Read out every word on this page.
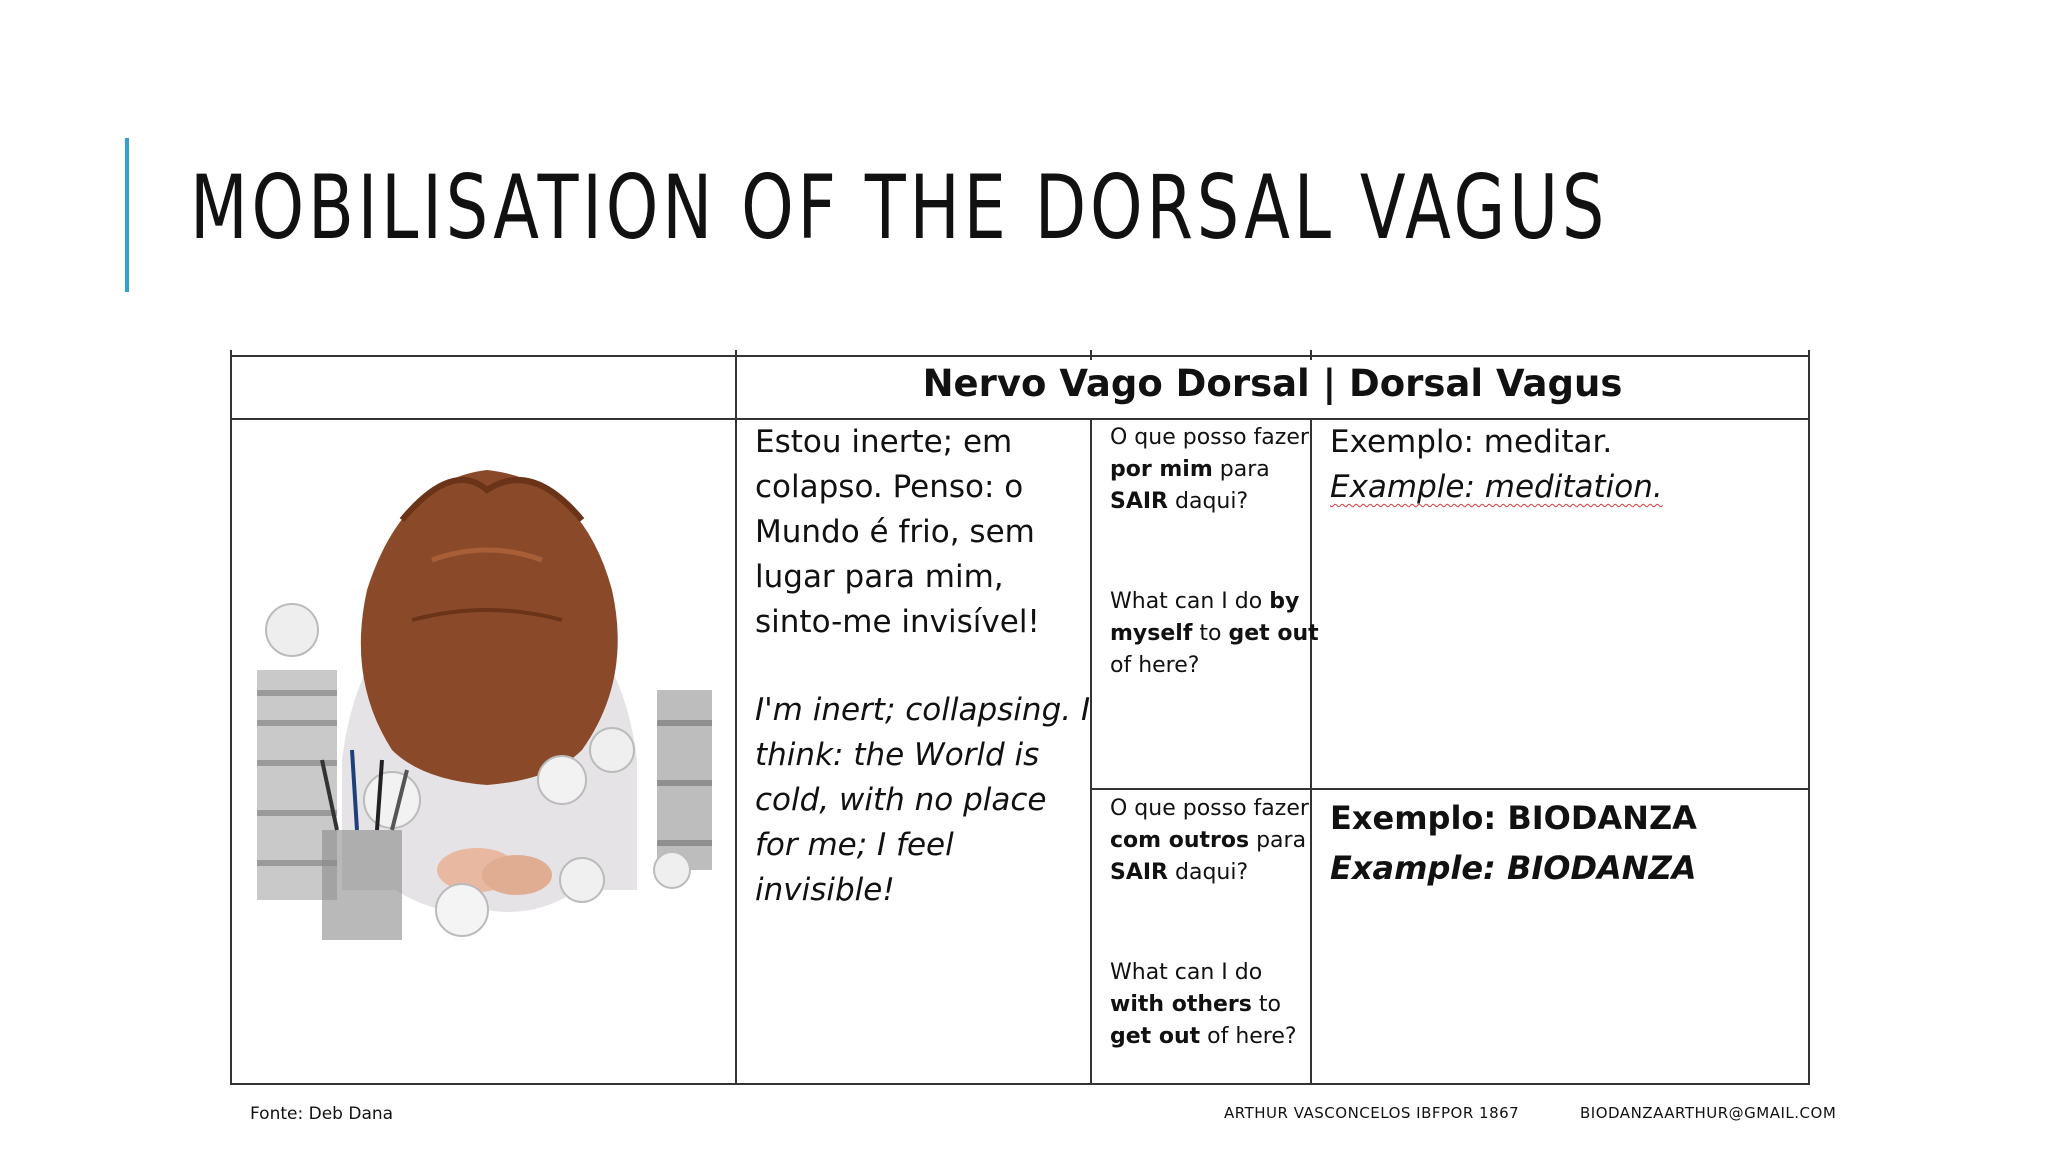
MOBILISATION OF THE DORSAL VAGUS
Nervo Vago Dorsal | Dorsal Vagus
Estou inerte; em colapso. Penso: o Mundo é frio, sem lugar para mim, sinto-me invisível!
I'm inert; collapsing. I think: the World is cold, with no place for me; I feel invisible!
O que posso fazer por mim para SAIR daqui?
What can I do by myself to get out of here?
O que posso fazer com outros para SAIR daqui?
What can I do with others to get out of here?
Exemplo: meditar.
Example: meditation.
Exemplo: BIODANZA
Example: BIODANZA
Fonte: Deb Dana	ARTHUR VASCONCELOS IBFPOR 1867	BIODANZAARTHUR@GMAIL.COM
